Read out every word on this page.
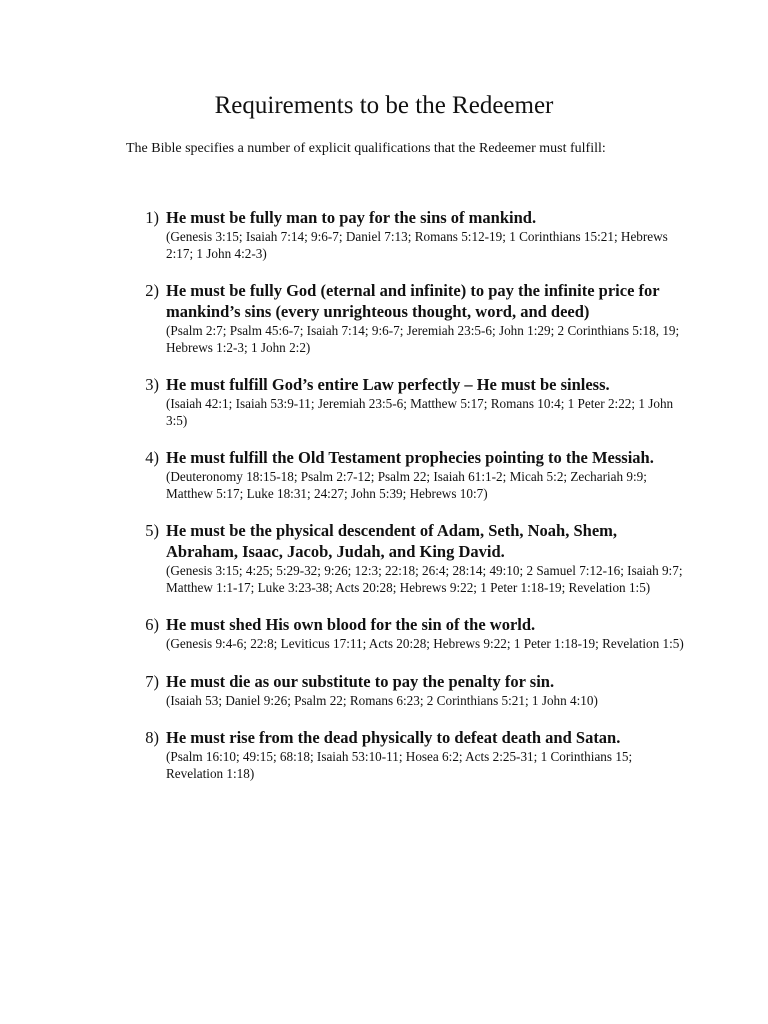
Requirements to be the Redeemer

The Bible specifies a number of explicit qualifications that the Redeemer must fulfill:

1) He must be fully man to pay for the sins of mankind.

(Genesis 3:15; Isaiah 7:14; 9:6-7; Daniel 7:13; Romans 5:12-19; 1 Corinthians 15:21; Hebrews 2:17; 1 John 4:2-3)

2) He must be fully God (eternal and infinite) to pay the infinite price for mankind’s sins (every unrighteous thought, word, and deed)

(Psalm 2:7; Psalm 45:6-7; Isaiah 7:14; 9:6-7; Jeremiah 23:5-6; John 1:29; 2 Corinthians 5:18, 19; Hebrews 1:2-3; 1 John 2:2)

3) He must fulfill God’s entire Law perfectly – He must be sinless.

(Isaiah 42:1; Isaiah 53:9-11; Jeremiah 23:5-6; Matthew 5:17; Romans 10:4; 1 Peter 2:22; 1 John 3:5)

4) He must fulfill the Old Testament prophecies pointing to the Messiah.

(Deuteronomy 18:15-18; Psalm 2:7-12; Psalm 22; Isaiah 61:1-2; Micah 5:2; Zechariah 9:9; Matthew 5:17; Luke 18:31; 24:27; John 5:39; Hebrews 10:7)

5) He must be the physical descendent of Adam, Seth, Noah, Shem, Abraham, Isaac, Jacob, Judah, and King David.

(Genesis 3:15; 4:25; 5:29-32; 9:26; 12:3; 22:18; 26:4; 28:14; 49:10; 2 Samuel 7:12-16; Isaiah 9:7; Matthew 1:1-17; Luke 3:23-38; Acts 20:28; Hebrews 9:22; 1 Peter 1:18-19; Revelation 1:5)

6) He must shed His own blood for the sin of the world.

(Genesis 9:4-6; 22:8; Leviticus 17:11; Acts 20:28; Hebrews 9:22; 1 Peter 1:18-19; Revelation 1:5)

7) He must die as our substitute to pay the penalty for sin.

(Isaiah 53; Daniel 9:26; Psalm 22; Romans 6:23; 2 Corinthians 5:21; 1 John 4:10)

8) He must rise from the dead physically to defeat death and Satan.

(Psalm 16:10; 49:15; 68:18; Isaiah 53:10-11; Hosea 6:2; Acts 2:25-31; 1 Corinthians 15; Revelation 1:18)
